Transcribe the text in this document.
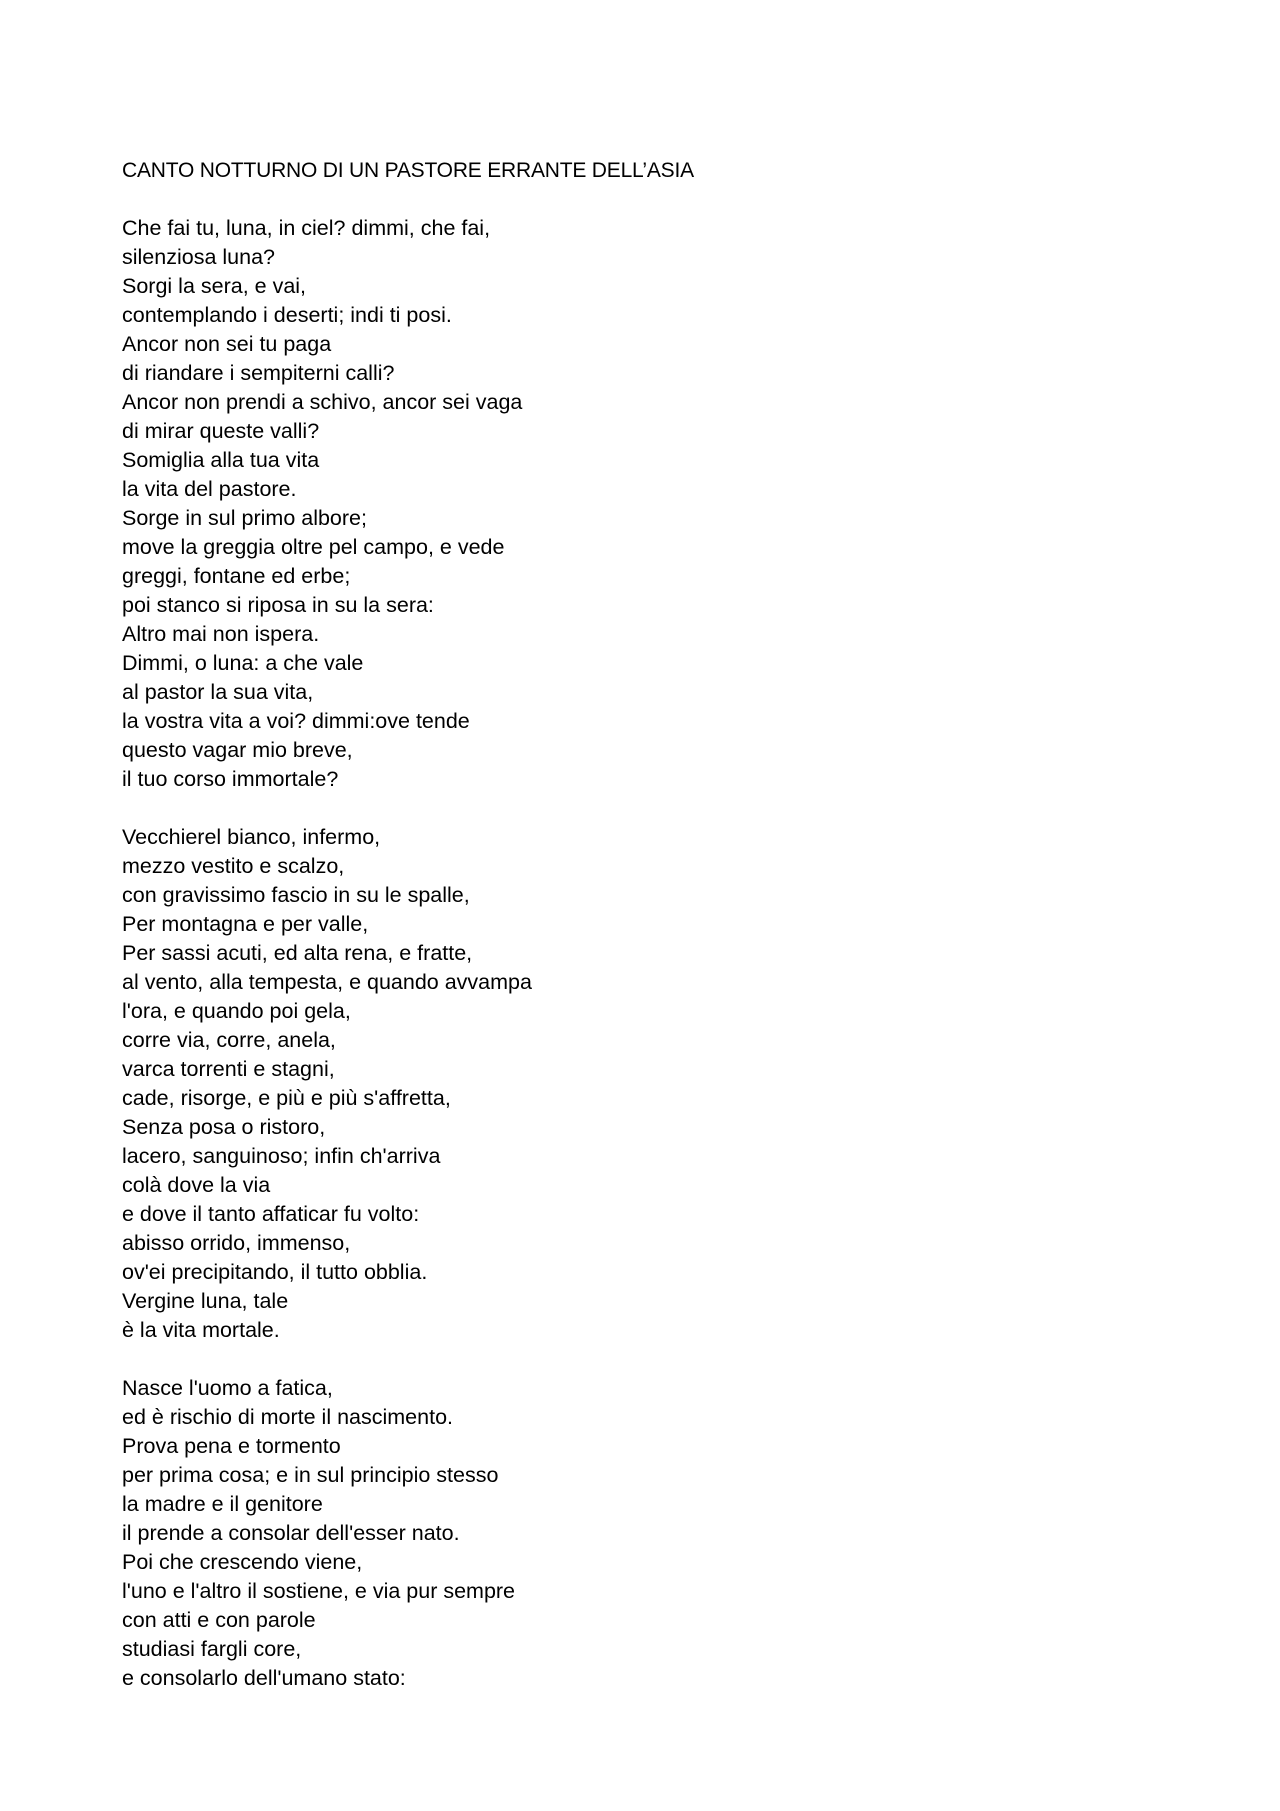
CANTO NOTTURNO DI UN PASTORE ERRANTE DELL’ASIA
Che fai tu, luna, in ciel? dimmi, che fai,
silenziosa luna?
Sorgi la sera, e vai,
contemplando i deserti; indi ti posi.
Ancor non sei tu paga
di riandare i sempiterni calli?
Ancor non prendi a schivo, ancor sei vaga
di mirar queste valli?
Somiglia alla tua vita
la vita del pastore.
Sorge in sul primo albore;
move la greggia oltre pel campo, e vede
greggi, fontane ed erbe;
poi stanco si riposa in su la sera:
Altro mai non ispera.
Dimmi, o luna: a che vale
al pastor la sua vita,
la vostra vita a voi? dimmi:ove tende
questo vagar mio breve,
il tuo corso immortale?
Vecchierel bianco, infermo,
mezzo vestito e scalzo,
con gravissimo fascio in su le spalle,
Per montagna e per valle,
Per sassi acuti, ed alta rena, e fratte,
al vento, alla tempesta, e quando avvampa
l'ora, e quando poi gela,
corre via, corre, anela,
varca torrenti e stagni,
cade, risorge, e più e più s'affretta,
Senza posa o ristoro,
lacero, sanguinoso; infin ch'arriva
colà dove la via
e dove il tanto affaticar fu volto:
abisso orrido, immenso,
ov'ei precipitando, il tutto obblia.
Vergine luna, tale
è la vita mortale.
Nasce l'uomo a fatica,
ed è rischio di morte il nascimento.
Prova pena e tormento
per prima cosa; e in sul principio stesso
la madre e il genitore
il prende a consolar dell'esser nato.
Poi che crescendo viene,
l'uno e l'altro il sostiene, e via pur sempre
con atti e con parole
studiasi fargli core,
e consolarlo dell'umano stato:
